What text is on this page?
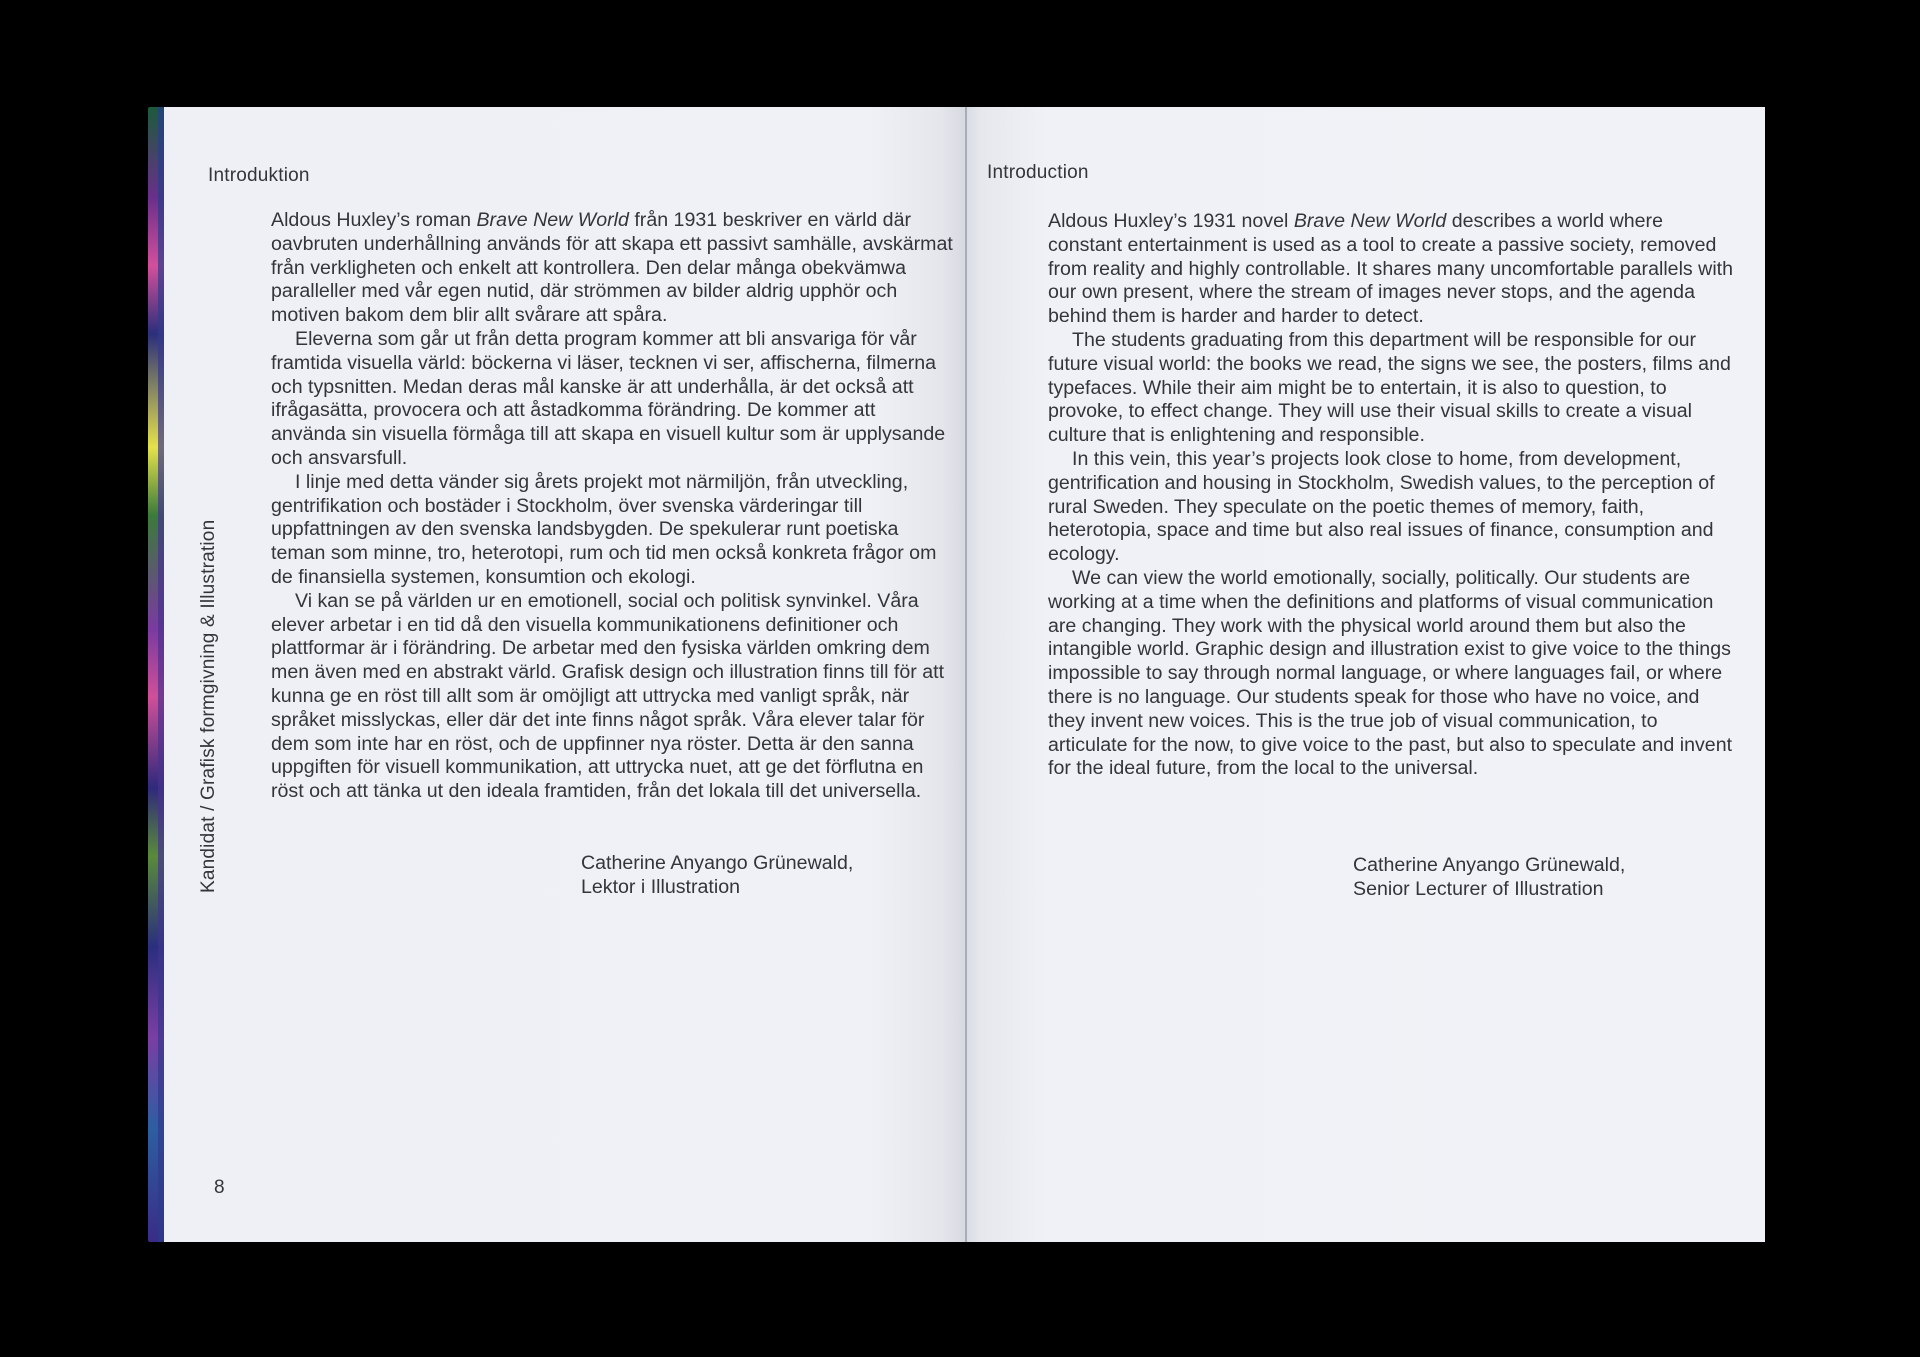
Introduktion

Aldous Huxley’s roman Brave New World från 1931 beskriver en värld där oavbruten underhållning används för att skapa ett passivt samhälle, avskärmat från verkligheten och enkelt att kontrollera. Den delar många obekvämwa paralleller med vår egen nutid, där strömmen av bilder aldrig upphör och motiven bakom dem blir allt svårare att spåra.

Eleverna som går ut från detta program kommer att bli ansvariga för vår framtida visuella värld: böckerna vi läser, tecknen vi ser, affischerna, filmerna och typsnitten. Medan deras mål kanske är att underhålla, är det också att ifrågasätta, provocera och att åstadkomma förändring. De kommer att använda sin visuella förmåga till att skapa en visuell kultur som är upplysande och ansvarsfull.

I linje med detta vänder sig årets projekt mot närmiljön, från utveckling, gentrifikation och bostäder i Stockholm, över svenska värderingar till uppfattningen av den svenska landsbygden. De spekulerar runt poetiska teman som minne, tro, heterotopi, rum och tid men också konkreta frågor om de finansiella systemen, konsumtion och ekologi.

Vi kan se på världen ur en emotionell, social och politisk synvinkel. Våra elever arbetar i en tid då den visuella kommunikationens definitioner och plattformar är i förändring. De arbetar med den fysiska världen omkring dem men även med en abstrakt värld. Grafisk design och illustration finns till för att kunna ge en röst till allt som är omöjligt att uttrycka med vanligt språk, när språket misslyckas, eller där det inte finns något språk. Våra elever talar för dem som inte har en röst, och de uppfinner nya röster. Detta är den sanna uppgiften för visuell kommunikation, att uttrycka nuet, att ge det förflutna en röst och att tänka ut den ideala framtiden, från det lokala till det universella.

Catherine Anyango Grünewald,
Lektor i Illustration
Kandidat / Grafisk formgivning & Illustration
8
Introduction

Aldous Huxley’s 1931 novel Brave New World describes a world where constant entertainment is used as a tool to create a passive society, removed from reality and highly controllable. It shares many uncomfortable parallels with our own present, where the stream of images never stops, and the agenda behind them is harder and harder to detect.

The students graduating from this department will be responsible for our future visual world: the books we read, the signs we see, the posters, films and typefaces. While their aim might be to entertain, it is also to question, to provoke, to effect change. They will use their visual skills to create a visual culture that is enlightening and responsible.

In this vein, this year’s projects look close to home, from development, gentrification and housing in Stockholm, Swedish values, to the perception of rural Sweden. They speculate on the poetic themes of memory, faith, heterotopia, space and time but also real issues of finance, consumption and ecology.

We can view the world emotionally, socially, politically. Our students are working at a time when the definitions and platforms of visual communication are changing. They work with the physical world around them but also the intangible world. Graphic design and illustration exist to give voice to the things impossible to say through normal language, or where languages fail, or where there is no language. Our students speak for those who have no voice, and they invent new voices. This is the true job of visual communication, to articulate for the now, to give voice to the past, but also to speculate and invent for the ideal future, from the local to the universal.

Catherine Anyango Grünewald,
Senior Lecturer of Illustration
